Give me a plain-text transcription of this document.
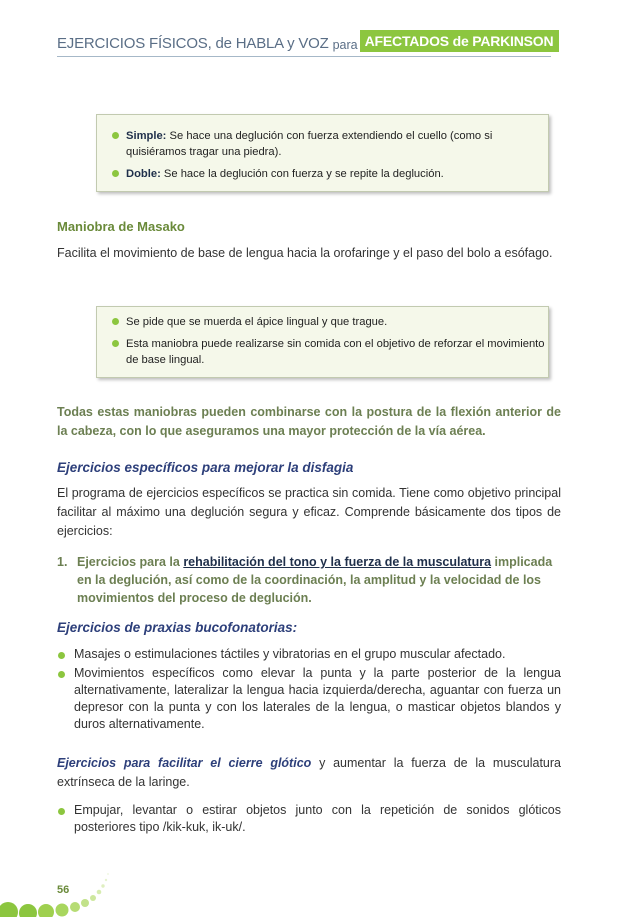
EJERCICIOS FÍSICOS, de HABLA y VOZ para AFECTADOS de PARKINSON
Simple: Se hace una deglución con fuerza extendiendo el cuello (como si quisiéramos tragar una piedra).
Doble: Se hace la deglución con fuerza y se repite la deglución.
Maniobra de Masako
Facilita el movimiento de base de lengua hacia la orofaringe y el paso del bolo a esófago.
Se pide que se muerda el ápice lingual y que trague.
Esta maniobra puede realizarse sin comida con el objetivo de reforzar el movimiento de base lingual.
Todas estas maniobras pueden combinarse con la postura de la flexión anterior de la cabeza, con lo que aseguramos una mayor protección de la vía aérea.
Ejercicios específicos para mejorar la disfagia
El programa de ejercicios específicos se practica sin comida. Tiene como objetivo principal facilitar al máximo una deglución segura y eficaz. Comprende básicamente dos tipos de ejercicios:
1. Ejercicios para la rehabilitación del tono y la fuerza de la musculatura implicada en la deglución, así como de la coordinación, la amplitud y la velocidad de los movimientos del proceso de deglución.
Ejercicios de praxias bucofonatorias:
Masajes o estimulaciones táctiles y vibratorias en el grupo muscular afectado.
Movimientos específicos como elevar la punta y la parte posterior de la lengua alternativamente, lateralizar la lengua hacia izquierda/derecha, aguantar con fuerza un depresor con la punta y con los laterales de la lengua, o masticar objetos blandos y duros alternativamente.
Ejercicios para facilitar el cierre glótico y aumentar la fuerza de la musculatura extrínseca de la laringe.
Empujar, levantar o estirar objetos junto con la repetición de sonidos glóticos posteriores tipo /kik-kuk, ik-uk/.
56
